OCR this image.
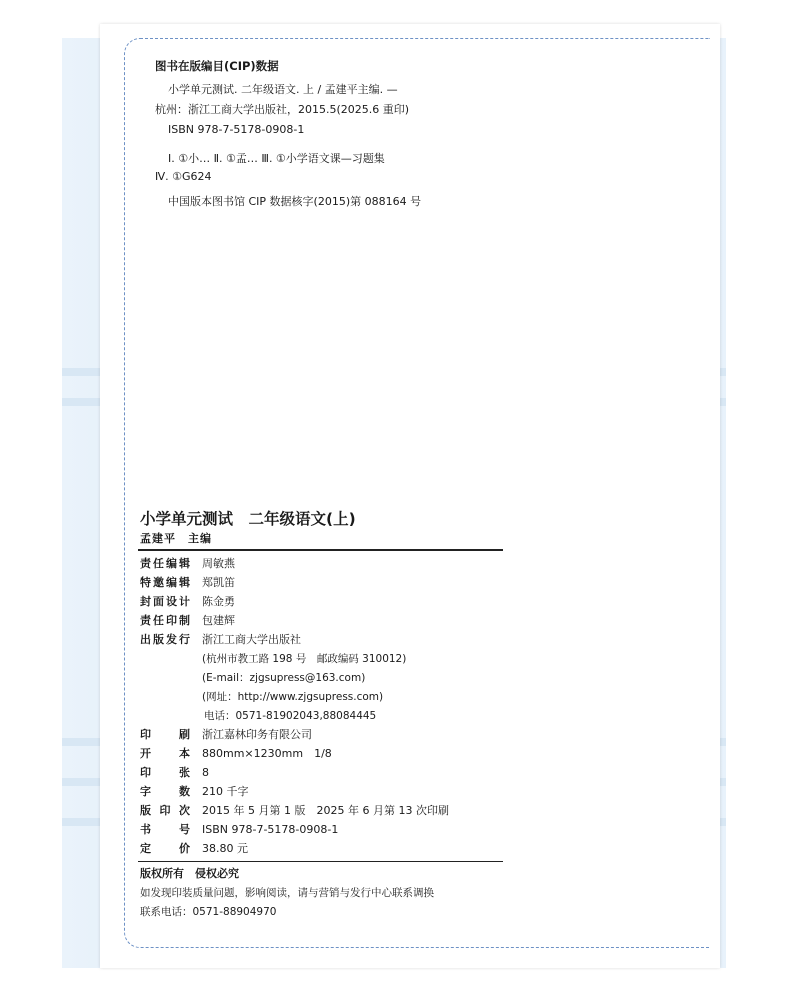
图书在版编目(CIP)数据
小学单元测试. 二年级语文. 上 / 孟建平主编. —
杭州：浙江工商大学出版社，2015.5(2025.6 重印)
ISBN 978-7-5178-0908-1
Ⅰ. ①小… Ⅱ. ①孟… Ⅲ. ①小学语文课—习题集
Ⅳ. ①G624
中国版本图书馆 CIP 数据核字(2015)第 088164 号
小学单元测试　二年级语文(上)
孟建平　主编
责任编辑 周敏燕
特邀编辑 郑凯笛
封面设计 陈金勇
责任印制 包建辉
出版发行 浙江工商大学出版社
(杭州市教工路 198 号　邮政编码 310012)
(E-mail：zjgsupress@163.com)
(网址：http://www.zjgsupress.com)
电话：0571-81902043,88084445
印刷 浙江嘉林印务有限公司
开本 880mm×1230mm　1/8
印张 8
字数 210 千字
版印次 2015 年 5 月第 1 版　2025 年 6 月第 13 次印刷
书号 ISBN 978-7-5178-0908-1
定价 38.80 元
版权所有　侵权必究
如发现印装质量问题，影响阅读，请与营销与发行中心联系调换
联系电话：0571-88904970
